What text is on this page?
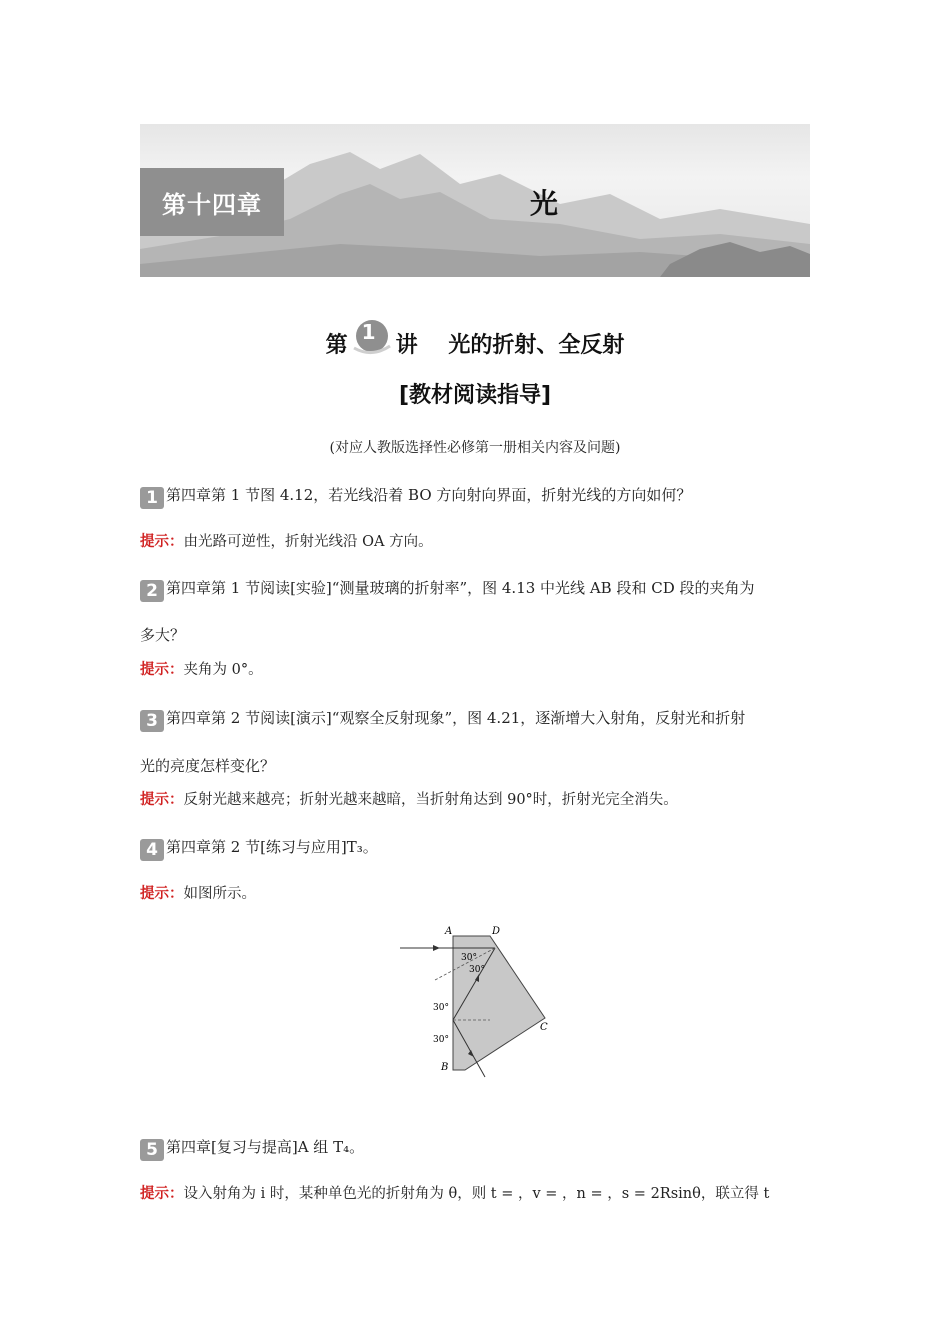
第十四章	光
第
1
讲 光的折射、全反射
[教材阅读指导]
(对应人教版选择性必修第一册相关内容及问题)
1 第四章第 1 节图 4.12，若光线沿着 BO 方向射向界面，折射光线的方向如何？
提示：由光路可逆性，折射光线沿 OA 方向。
2 第四章第 1 节阅读[实验]“测量玻璃的折射率”，图 4.13 中光线 AB 段和 CD 段的夹角为
多大？
提示：夹角为 0°。
3 第四章第 2 节阅读[演示]“观察全反射现象”，图 4.21，逐渐增大入射角，反射光和折射
光的亮度怎样变化？
提示：反射光越来越亮；折射光越来越暗，当折射角达到 90°时，折射光完全消失。
4 第四章第 2 节[练习与应用]T₃。
提示：如图所示。
A	D
C
B
30°
30°
30°
30°
5 第四章[复习与提高]A 组 T₄。
提示：设入射角为 i 时，某种单色光的折射角为 θ，则 t = ，v = ，n = ，s = 2Rsinθ，联立得 t
